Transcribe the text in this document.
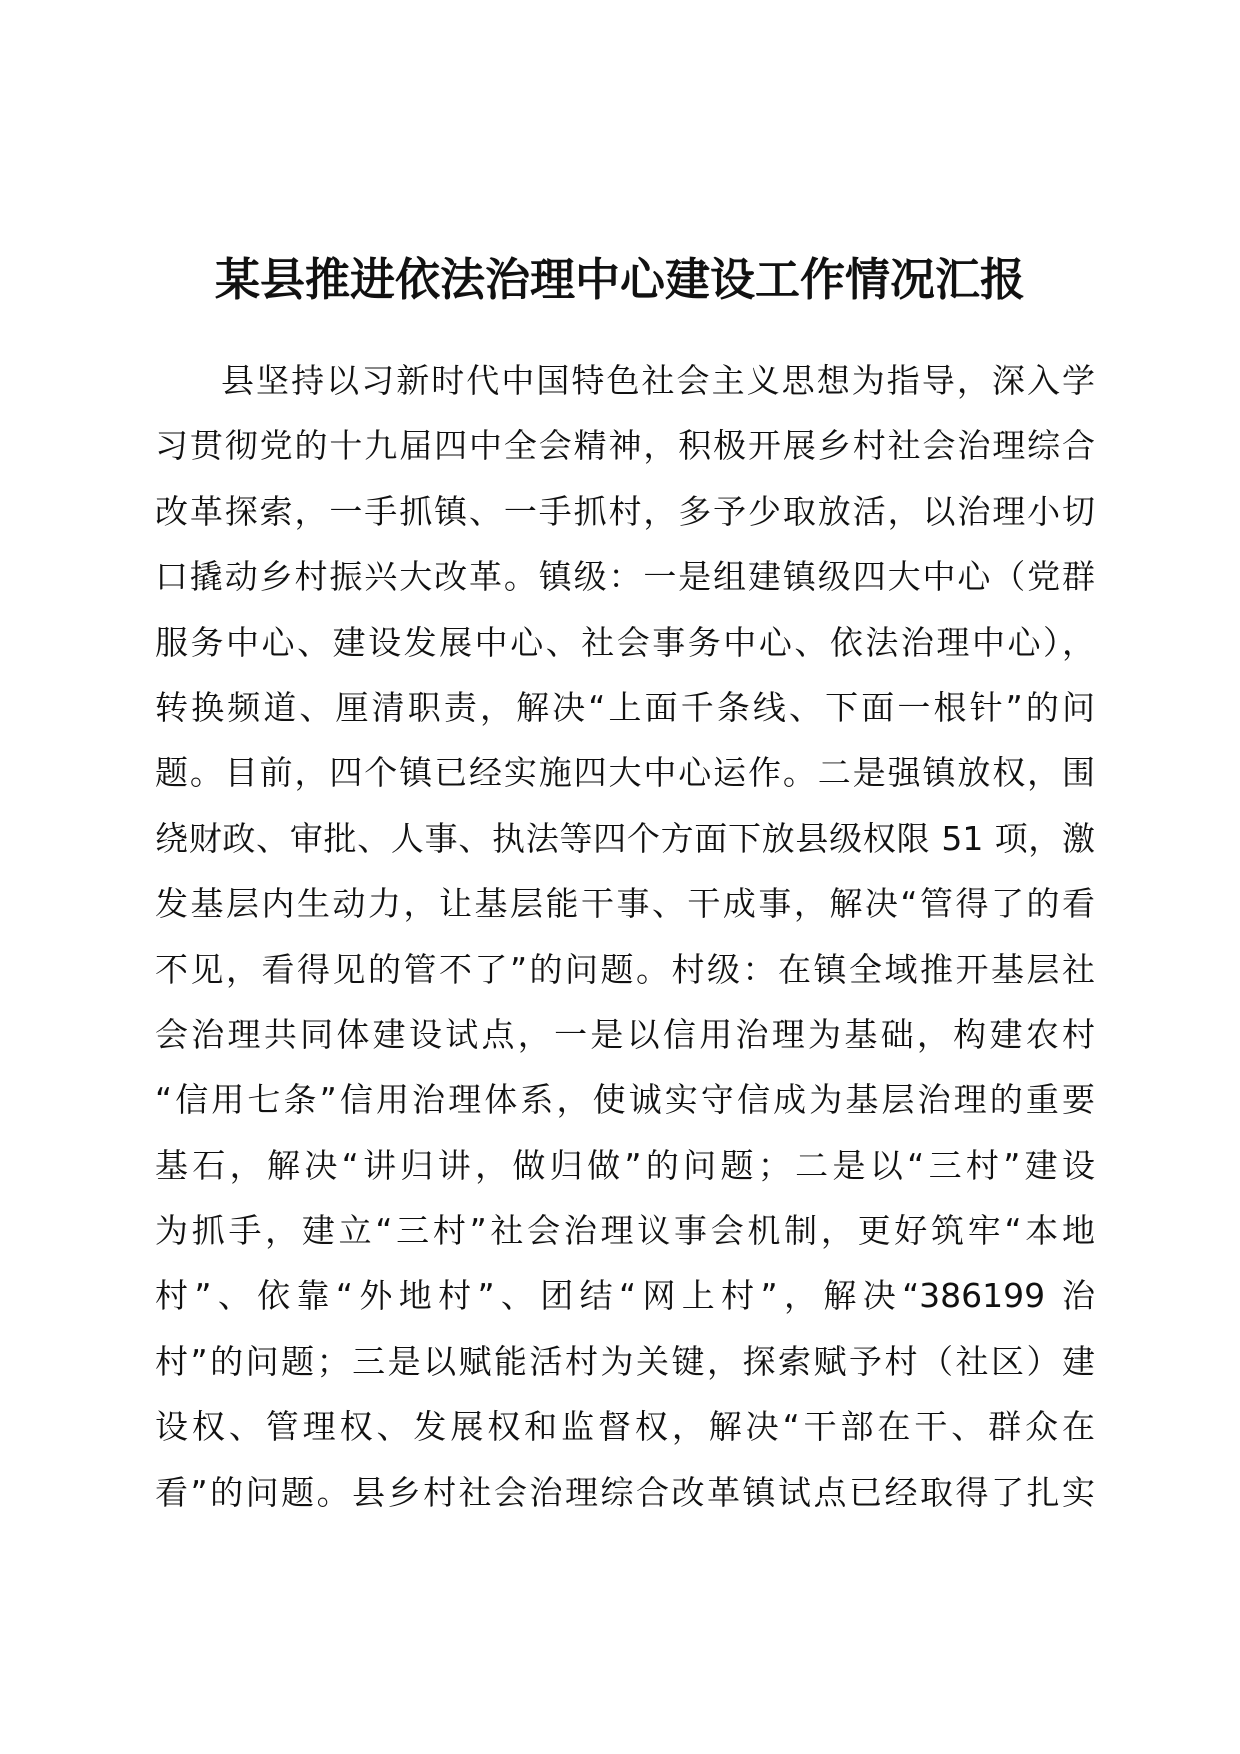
某县推进依法治理中心建设工作情况汇报
县坚持以习新时代中国特色社会主义思想为指导，深入学
习贯彻党的十九届四中全会精神，积极开展乡村社会治理综合
改革探索，一手抓镇、一手抓村，多予少取放活，以治理小切
口撬动乡村振兴大改革。镇级：一是组建镇级四大中心（党群
服务中心、建设发展中心、社会事务中心、依法治理中心），
转换频道、厘清职责，解决“上面千条线、下面一根针”的问
题。目前，四个镇已经实施四大中心运作。二是强镇放权，围
绕财政、审批、人事、执法等四个方面下放县级权限 51 项，激
发基层内生动力，让基层能干事、干成事，解决“管得了的看
不见，看得见的管不了”的问题。村级：在镇全域推开基层社
会治理共同体建设试点，一是以信用治理为基础，构建农村
“信用七条”信用治理体系，使诚实守信成为基层治理的重要
基石，解决“讲归讲，做归做”的问题；二是以“三村”建设
为抓手，建立“三村”社会治理议事会机制，更好筑牢“本地
村”、依靠“外地村”、团结“网上村”，解决“386199 治
村”的问题；三是以赋能活村为关键，探索赋予村（社区）建
设权、管理权、发展权和监督权，解决“干部在干、群众在
看”的问题。县乡村社会治理综合改革镇试点已经取得了扎实
